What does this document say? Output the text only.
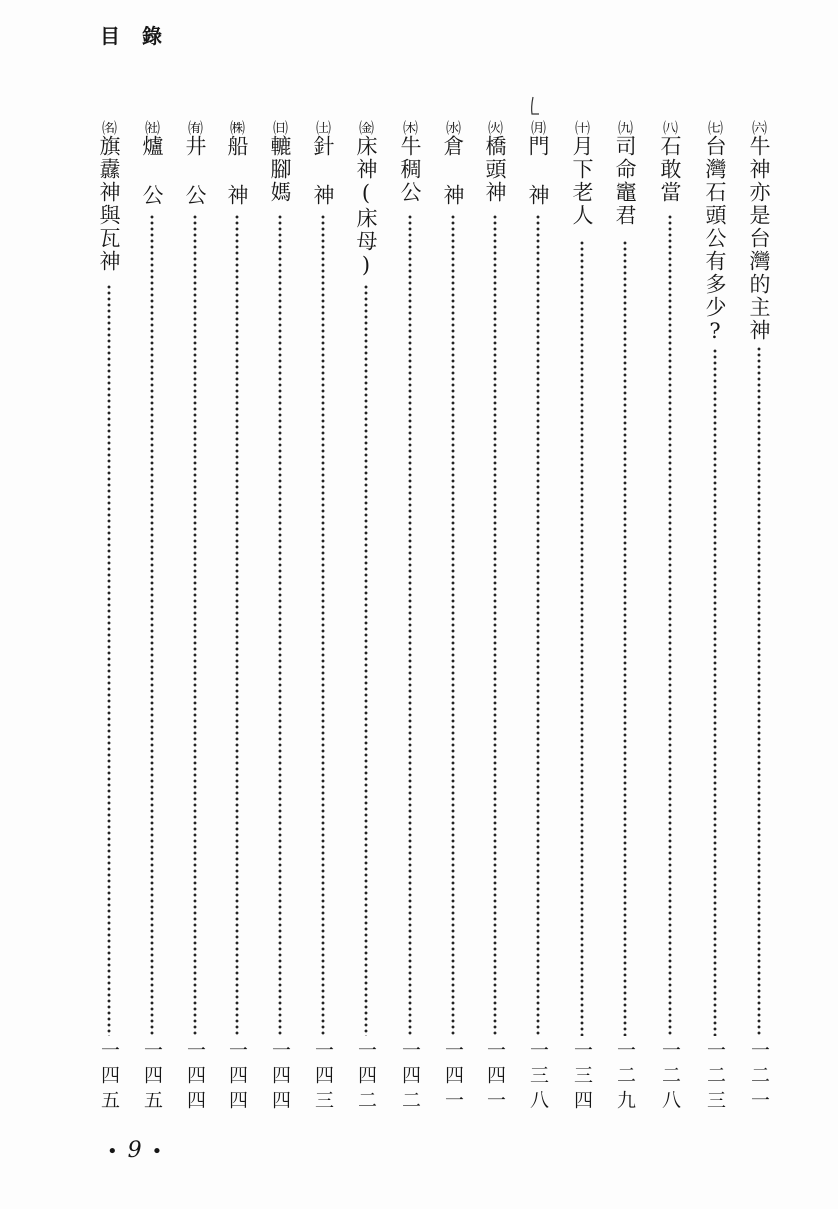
目錄
㈥牛神亦是台灣的主神
一二一
㈦台灣石頭公有多少?
一二三
㈧石敢當
一二八
㈨司命竈君
一二九
㈩月下老人
一三四
㈪門 神
一三八
㈫橋頭神
一四一
㈬倉 神
一四一
㈭牛稠公
一四二
㈮床神(床母)
一四二
㈯針 神
一四三
㈰轆腳媽
一四四
㈱船 神
一四四
㈲井 公
一四四
㈳爐 公
一四五
㈴旗纛神與瓦神
一四五
• 9 •
